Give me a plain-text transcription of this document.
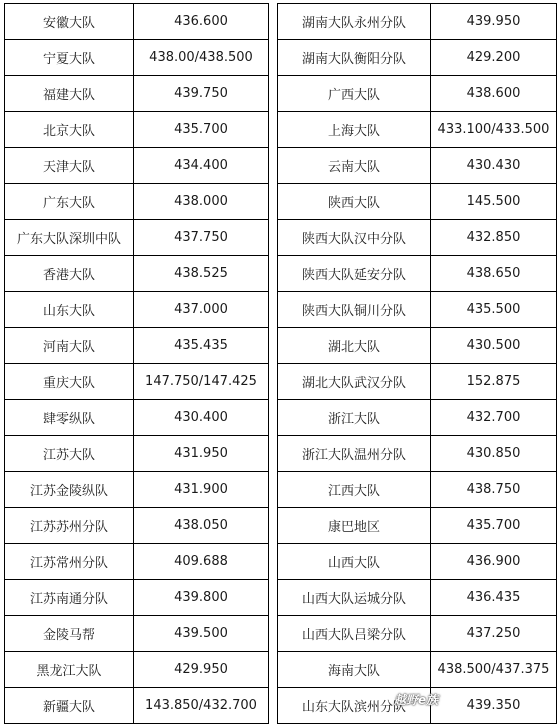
安徽大队	436.600
宁夏大队	438.00/438.500
福建大队	439.750
北京大队	435.700
天津大队	434.400
广东大队	438.000
广东大队深圳中队	437.750
香港大队	438.525
山东大队	437.000
河南大队	435.435
重庆大队	147.750/147.425
肆零纵队	430.400
江苏大队	431.950
江苏金陵纵队	431.900
江苏苏州分队	438.050
江苏常州分队	409.688
江苏南通分队	439.800
金陵马帮	439.500
黑龙江大队	429.950
新疆大队	143.850/432.700
湖南大队永州分队	439.950
湖南大队衡阳分队	429.200
广西大队	438.600
上海大队	433.100/433.500
云南大队	430.430
陕西大队	145.500
陕西大队汉中分队	432.850
陕西大队延安分队	438.650
陕西大队铜川分队	435.500
湖北大队	430.500
湖北大队武汉分队	152.875
浙江大队	432.700
浙江大队温州分队	430.850
江西大队	438.750
康巴地区	435.700
山西大队	436.900
山西大队运城分队	436.435
山西大队吕梁分队	437.250
海南大队	438.500/437.375
山东大队滨州分队	439.350
越野e族
